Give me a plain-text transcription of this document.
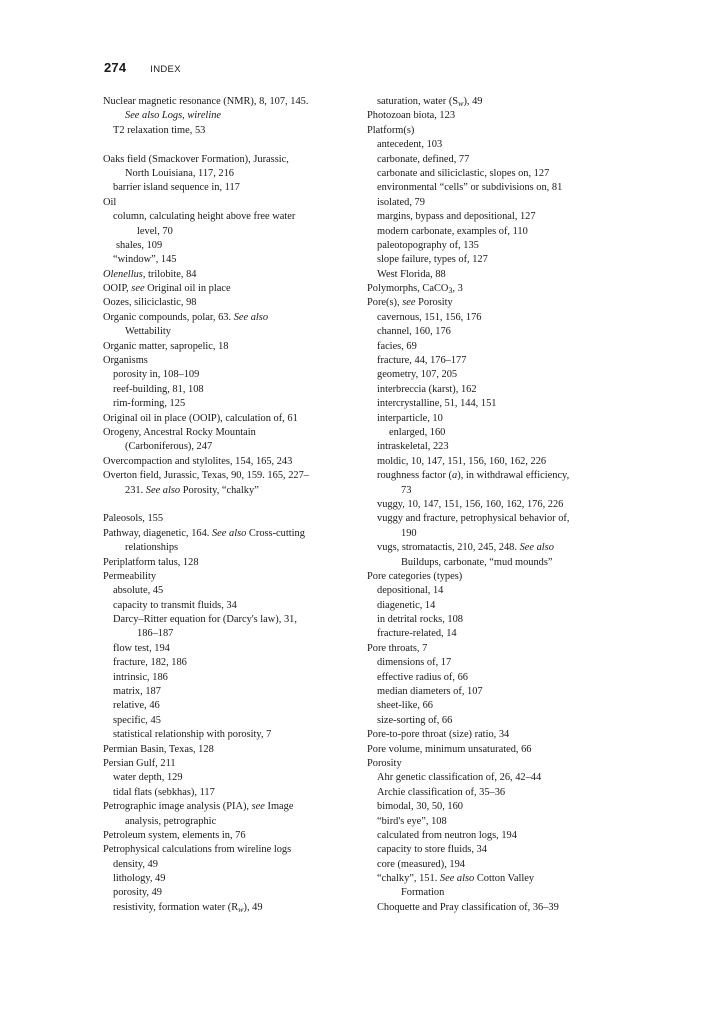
274	INDEX
Nuclear magnetic resonance (NMR), 8, 107, 145.
See also Logs, wireline
T2 relaxation time, 53
Oaks field (Smackover Formation), Jurassic,
North Louisiana, 117, 216
barrier island sequence in, 117
Oil
column, calculating height above free water
level, 70
shales, 109
“window”, 145
Olenellus, trilobite, 84
OOIP, see Original oil in place
Oozes, siliciclastic, 98
Organic compounds, polar, 63. See also
Wettability
Organic matter, sapropelic, 18
Organisms
porosity in, 108–109
reef-building, 81, 108
rim-forming, 125
Original oil in place (OOIP), calculation of, 61
Orogeny, Ancestral Rocky Mountain
(Carboniferous), 247
Overcompaction and stylolites, 154, 165, 243
Overton field, Jurassic, Texas, 90, 159. 165, 227–
231. See also Porosity, “chalky”
Paleosols, 155
Pathway, diagenetic, 164. See also Cross-cutting
relationships
Periplatform talus, 128
Permeability
absolute, 45
capacity to transmit fluids, 34
Darcy–Ritter equation for (Darcy's law), 31,
186–187
flow test, 194
fracture, 182, 186
intrinsic, 186
matrix, 187
relative, 46
specific, 45
statistical relationship with porosity, 7
Permian Basin, Texas, 128
Persian Gulf, 211
water depth, 129
tidal flats (sebkhas), 117
Petrographic image analysis (PIA), see Image
analysis, petrographic
Petroleum system, elements in, 76
Petrophysical calculations from wireline logs
density, 49
lithology, 49
porosity, 49
resistivity, formation water (Rw), 49
saturation, water (Sw), 49
Photozoan biota, 123
Platform(s)
antecedent, 103
carbonate, defined, 77
carbonate and siliciclastic, slopes on, 127
environmental “cells” or subdivisions on, 81
isolated, 79
margins, bypass and depositional, 127
modern carbonate, examples of, 110
paleotopography of, 135
slope failure, types of, 127
West Florida, 88
Polymorphs, CaCO3, 3
Pore(s), see Porosity
cavernous, 151, 156, 176
channel, 160, 176
facies, 69
fracture, 44, 176–177
geometry, 107, 205
interbreccia (karst), 162
intercrystalline, 51, 144, 151
interparticle, 10
enlarged, 160
intraskeletal, 223
moldic, 10, 147, 151, 156, 160, 162, 226
roughness factor (a), in withdrawal efficiency,
73
vuggy, 10, 147, 151, 156, 160, 162, 176, 226
vuggy and fracture, petrophysical behavior of,
190
vugs, stromatactis, 210, 245, 248. See also
Buildups, carbonate, “mud mounds”
Pore categories (types)
depositional, 14
diagenetic, 14
in detrital rocks, 108
fracture-related, 14
Pore throats, 7
dimensions of, 17
effective radius of, 66
median diameters of, 107
sheet-like, 66
size-sorting of, 66
Pore-to-pore throat (size) ratio, 34
Pore volume, minimum unsaturated, 66
Porosity
Ahr genetic classification of, 26, 42–44
Archie classification of, 35–36
bimodal, 30, 50, 160
“bird's eye”, 108
calculated from neutron logs, 194
capacity to store fluids, 34
core (measured), 194
“chalky”, 151. See also Cotton Valley
Formation
Choquette and Pray classification of, 36–39
